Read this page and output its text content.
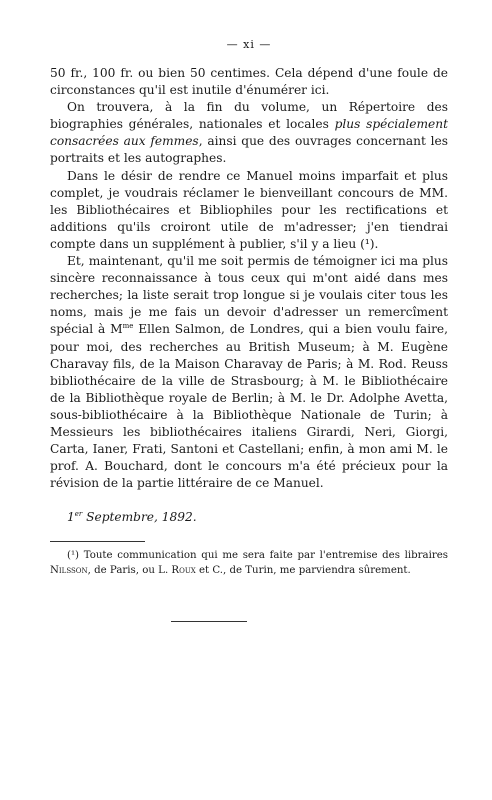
— xi —

50 fr., 100 fr. ou bien 50 centimes. Cela dépend d'une foule de circonstances qu'il est inutile d'énumérer ici.

On trouvera, à la fin du volume, un Répertoire des biographies générales, nationales et locales plus spécialement consacrées aux femmes, ainsi que des ouvrages concernant les portraits et les autographes.

Dans le désir de rendre ce Manuel moins imparfait et plus complet, je voudrais réclamer le bienveillant concours de MM. les Bibliothécaires et Bibliophiles pour les rectifications et additions qu'ils croiront utile de m'adresser; j'en tiendrai compte dans un supplément à publier, s'il y a lieu (¹).

Et, maintenant, qu'il me soit permis de témoigner ici ma plus sincère reconnaissance à tous ceux qui m'ont aidé dans mes recherches; la liste serait trop longue si je voulais citer tous les noms, mais je me fais un devoir d'adresser un remercîment spécial à $M^{me}$ Ellen Salmon, de Londres, qui a bien voulu faire, pour moi, des recherches au British Museum; à M. Eugène Charavay fils, de la Maison Charavay de Paris; à M. Rod. Reuss bibliothécaire de la ville de Strasbourg; à M. le Bibliothécaire de la Bibliothèque royale de Berlin; à M. le Dr. Adolphe Avetta, sous-bibliothécaire à la Bibliothèque Nationale de Turin; à Messieurs les bibliothécaires italiens Girardi, Neri, Giorgi, Carta, Ianer, Frati, Santoni et Castellani; enfin, à mon ami M. le prof. A. Bouchard, dont le concours m'a été précieux pour la révision de la partie littéraire de ce Manuel.

1er Septembre, 1892.

(¹) Toute communication qui me sera faite par l'entremise des libraires Nilsson, de Paris, ou L. Roux et C., de Turin, me parviendra sûrement.
